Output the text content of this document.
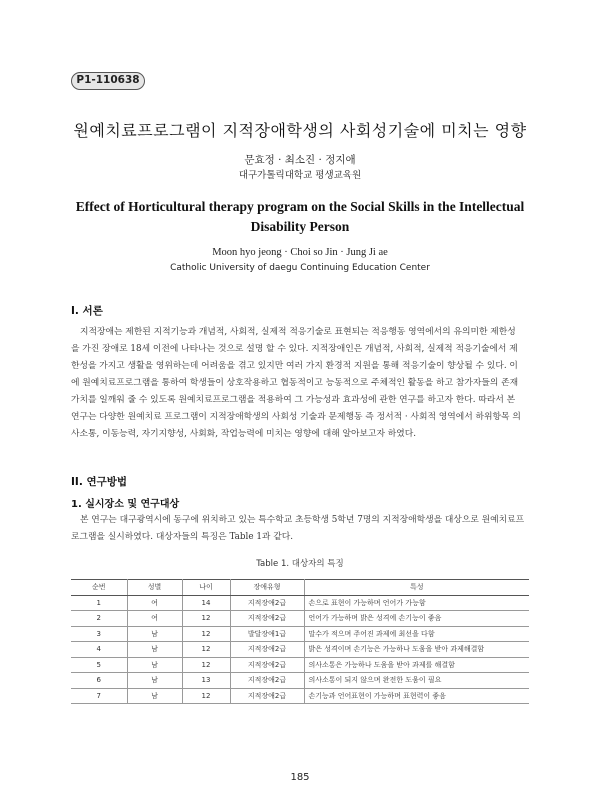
P1-110638
원예치료프로그램이 지적장애학생의 사회성기술에 미치는 영향
문효정 · 최소진 · 정지애
대구가톨릭대학교 평생교육원
Effect of Horticultural therapy program on the Social Skills in the Intellectual Disability Person
Moon hyo jeong · Choi so Jin · Jung Ji ae
Catholic University of daegu Continuing Education Center
I. 서론
지적장애는 제한된 지적기능과 개념적, 사회적, 실제적 적응기술로 표현되는 적응행동 영역에서의 유의미한 제한성
을 가진 장애로 18세 이전에 나타나는 것으로 설명 할 수 있다. 지적장애인은 개념적, 사회적, 실제적 적응기술에서 제
한성을 가지고 생활을 영위하는데 어려움을 겪고 있지만 여러 가지 환경적 지원을 통해 적응기술이 향상될 수 있다. 이
에 원예치료프로그램을 통하여 학생들이 상호작용하고 협동적이고 능동적으로 주체적인 활동을 하고 참가자들의 존재
가치를 일깨워 줄 수 있도록 원예치료프로그램을 적용하여 그 가능성과 효과성에 관한 연구를 하고자 한다. 따라서 본
연구는 다양한 원예치료 프로그램이 지적장애학생의 사회성 기술과 문제행동 즉 정서적 · 사회적 영역에서 하위항목 의
사소통, 이동능력, 자기지향성, 사회화, 작업능력에 미치는 영향에 대해 알아보고자 하였다.
II. 연구방법
1. 실시장소 및 연구대상
본 연구는 대구광역시에 동구에 위치하고 있는 특수학교 초등학생 5학년 7명의 지적장애학생을 대상으로 원예치료프
로그램을 실시하였다. 대상자들의 특징은 Table 1과 같다.
Table 1. 대상자의 특징
순번	성별	나이	장애유형	특성
1	여	14	지적장애2급	손으로 표현이 가능하며 언어가 가능함
2	여	12	지적장애2급	언어가 가능하며 밝은 성격에 손기능이 좋음
3	남	12	발달장애1급	말수가 적으며 주어진 과제에 최선을 다함
4	남	12	지적장애2급	밝은 성격이며 손기능은 가능하나 도움을 받아 과제해결함
5	남	12	지적장애2급	의사소통은 가능하나 도움을 받아 과제를 해결함
6	남	13	지적장애2급	의사소통이 되지 않으며 완전한 도움이 필요
7	남	12	지적장애2급	손기능과 언어표현이 가능하며 표현력이 좋음
185
